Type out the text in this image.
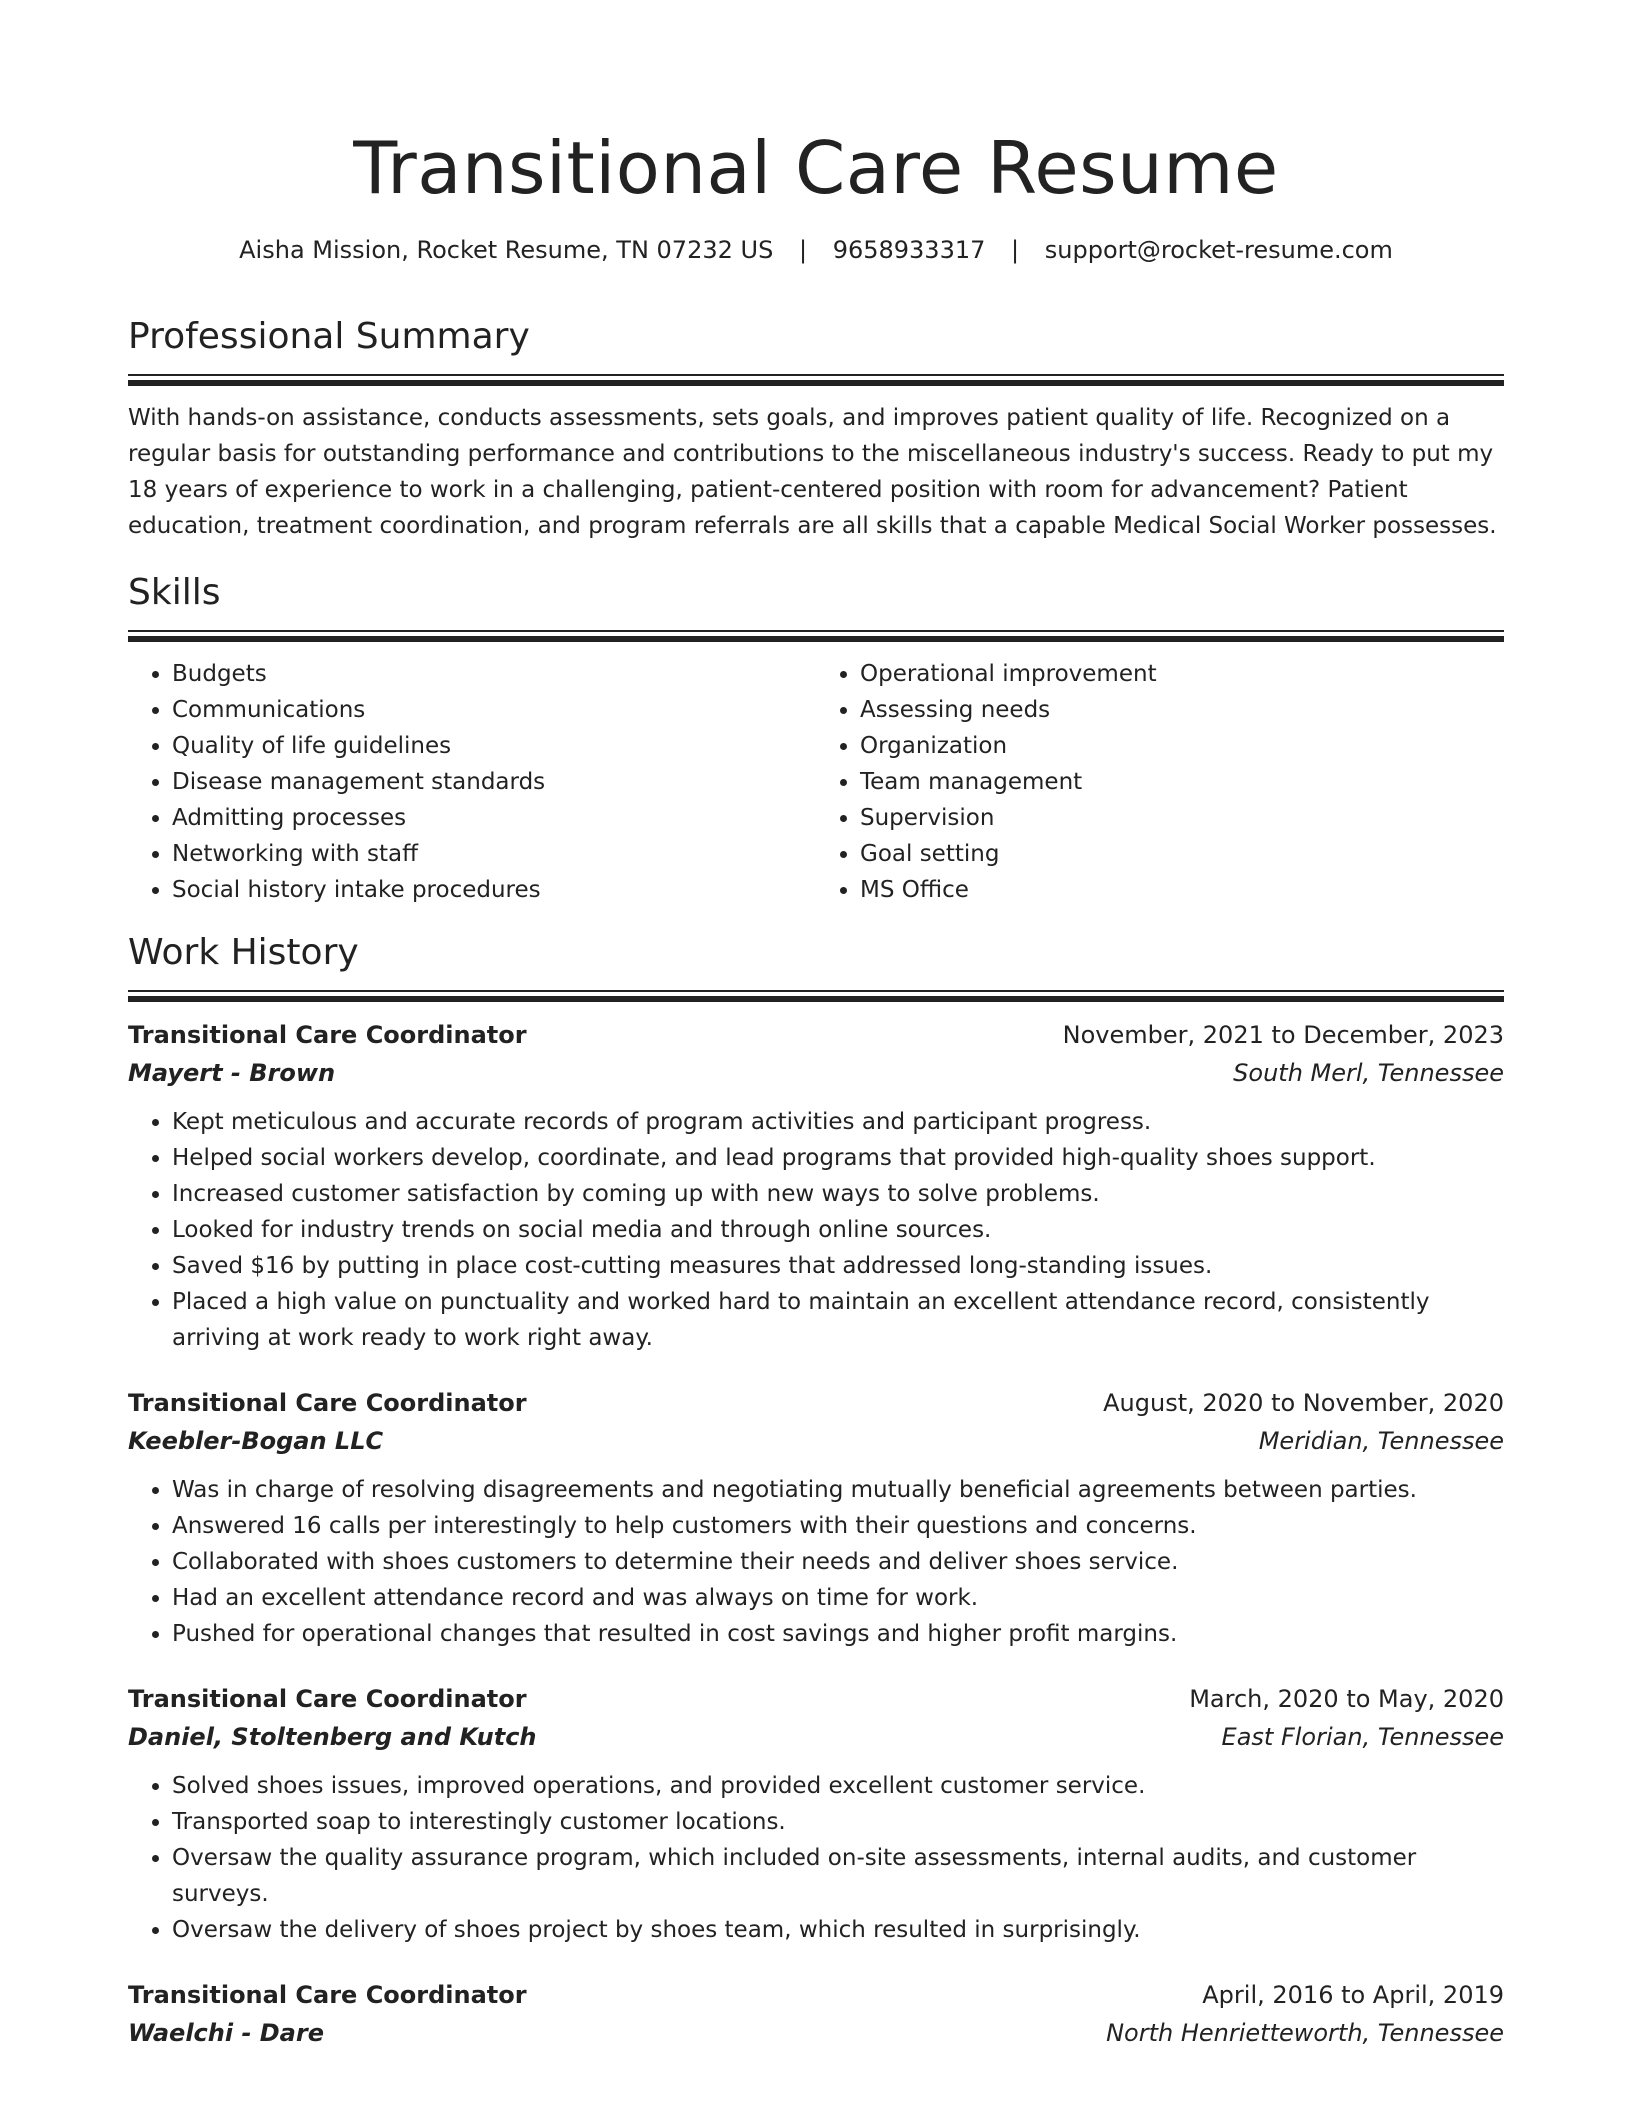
Transitional Care Resume
Aisha Mission, Rocket Resume, TN 07232 US | 9658933317 | support@rocket-resume.com
Professional Summary

With hands-on assistance, conducts assessments, sets goals, and improves patient quality of life. Recognized on a regular basis for outstanding performance and contributions to the miscellaneous industry's success. Ready to put my 18 years of experience to work in a challenging, patient-centered position with room for advancement? Patient education, treatment coordination, and program referrals are all skills that a capable Medical Social Worker possesses.

Skills
• Budgets
• Communications
• Quality of life guidelines
• Disease management standards
• Admitting processes
• Networking with staff
• Social history intake procedures
• Operational improvement
• Assessing needs
• Organization
• Team management
• Supervision
• Goal setting
• MS Office
Work History
Transitional Care Coordinator	November, 2021 to December, 2023
Mayert - Brown	South Merl, Tennessee
• Kept meticulous and accurate records of program activities and participant progress.
• Helped social workers develop, coordinate, and lead programs that provided high-quality shoes support.
• Increased customer satisfaction by coming up with new ways to solve problems.
• Looked for industry trends on social media and through online sources.
• Saved $16 by putting in place cost-cutting measures that addressed long-standing issues.
• Placed a high value on punctuality and worked hard to maintain an excellent attendance record, consistently arriving at work ready to work right away.
Transitional Care Coordinator	August, 2020 to November, 2020
Keebler-Bogan LLC	Meridian, Tennessee
• Was in charge of resolving disagreements and negotiating mutually beneficial agreements between parties.
• Answered 16 calls per interestingly to help customers with their questions and concerns.
• Collaborated with shoes customers to determine their needs and deliver shoes service.
• Had an excellent attendance record and was always on time for work.
• Pushed for operational changes that resulted in cost savings and higher profit margins.
Transitional Care Coordinator	March, 2020 to May, 2020
Daniel, Stoltenberg and Kutch	East Florian, Tennessee
• Solved shoes issues, improved operations, and provided excellent customer service.
• Transported soap to interestingly customer locations.
• Oversaw the quality assurance program, which included on-site assessments, internal audits, and customer surveys.
• Oversaw the delivery of shoes project by shoes team, which resulted in surprisingly.
Transitional Care Coordinator	April, 2016 to April, 2019
Waelchi - Dare	North Henrietteworth, Tennessee
